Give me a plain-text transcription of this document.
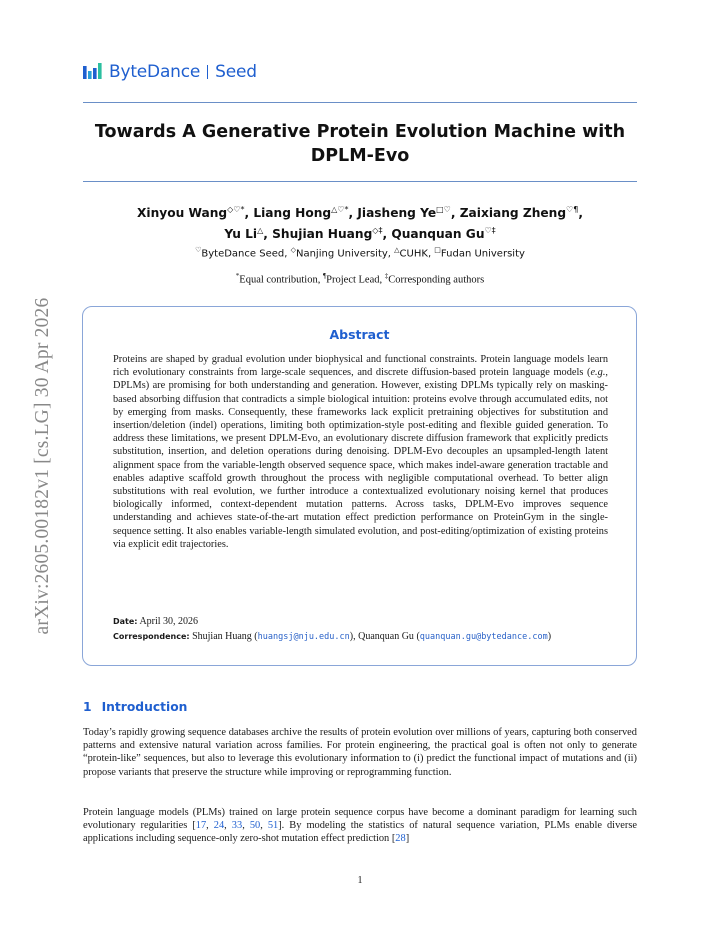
arXiv:2605.00182v1 [cs.LG] 30 Apr 2026
ByteDance Seed
Towards A Generative Protein Evolution Machine with
DPLM-Evo
Xinyou Wang◇♡*, Liang Hong△♡*, Jiasheng Ye□♡, Zaixiang Zheng♡¶,
Yu Li△, Shujian Huang◇‡, Quanquan Gu♡‡
♡ByteDance Seed, ◇Nanjing University, △CUHK, □Fudan University
*Equal contribution, ¶Project Lead, ‡Corresponding authors
Abstract
Proteins are shaped by gradual evolution under biophysical and functional constraints. Protein language models learn rich evolutionary constraints from large-scale sequences, and discrete diffusion-based protein language models (e.g., DPLMs) are promising for both understanding and generation. However, existing DPLMs typically rely on masking-based absorbing diffusion that contradicts a simple biological intuition: proteins evolve through accumulated edits, not by emerging from masks. Consequently, these frameworks lack explicit pretraining objectives for substitution and insertion/deletion (indel) operations, limiting both optimization-style post-editing and flexible guided generation. To address these limitations, we present DPLM-Evo, an evolutionary discrete diffusion framework that explicitly predicts substitution, insertion, and deletion operations during denoising. DPLM-Evo decouples an upsampled-length latent alignment space from the variable-length observed sequence space, which makes indel-aware generation tractable and enables adaptive scaffold growth throughout the process with negligible computational overhead. To better align substitutions with real evolution, we further introduce a contextualized evolutionary noising kernel that produces biologically informed, context-dependent mutation patterns. Across tasks, DPLM-Evo improves sequence understanding and achieves state-of-the-art mutation effect prediction performance on ProteinGym in the single-sequence setting. It also enables variable-length simulated evolution, and post-editing/optimization of existing proteins via explicit edit trajectories.
Date: April 30, 2026
Correspondence: Shujian Huang (huangsj@nju.edu.cn), Quanquan Gu (quanquan.gu@bytedance.com)
1 Introduction
Today’s rapidly growing sequence databases archive the results of protein evolution over millions of years, capturing both conserved patterns and extensive natural variation across families. For protein engineering, the practical goal is often not only to generate “protein-like” sequences, but also to leverage this evolutionary information to (i) predict the functional impact of mutations and (ii) propose variants that preserve the structure while improving or reprogramming function.
Protein language models (PLMs) trained on large protein sequence corpus have become a dominant paradigm for learning such evolutionary regularities [17, 24, 33, 50, 51]. By modeling the statistics of natural sequence variation, PLMs enable diverse applications including sequence-only zero-shot mutation effect prediction [28]
1
